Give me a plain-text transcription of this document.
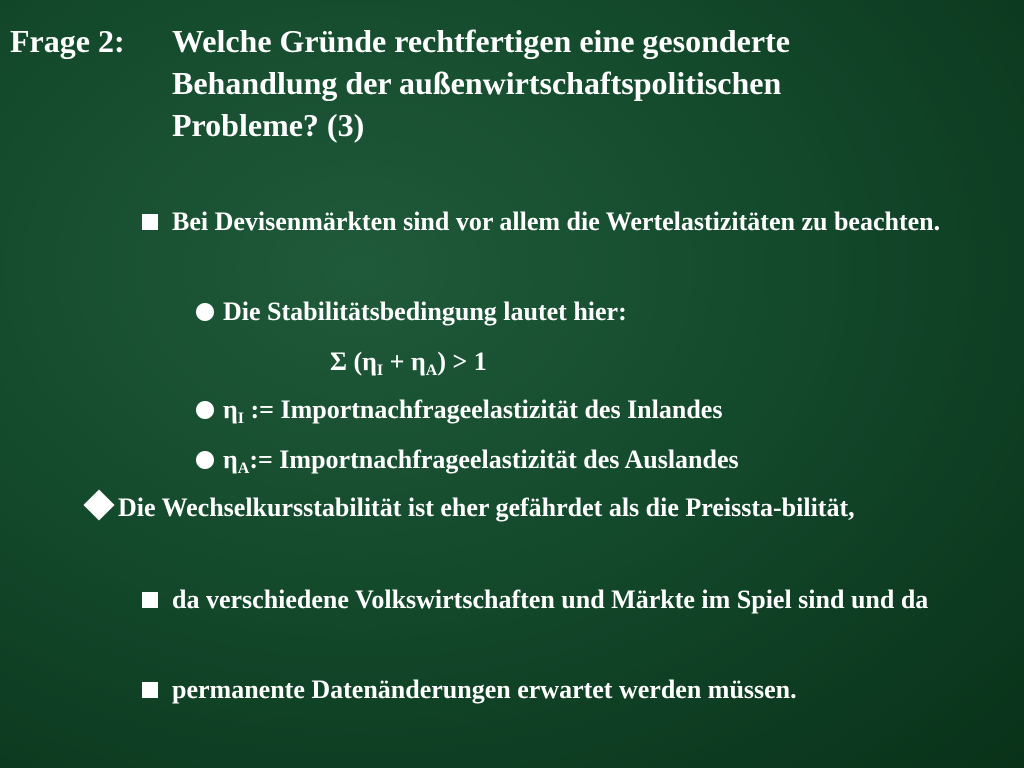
Frage 2:	Welche Gründe rechtfertigen eine gesonderte
Behandlung der außenwirtschaftspolitischen
Probleme? (3)
Bei Devisenmärkten sind vor allem die Wertelastizitäten zu beachten.
Die Stabilitätsbedingung lautet hier:
Σ $(\eta_I + \eta_A) > 1$
$\eta_I$ := Importnachfrageelastizität des Inlandes
$\eta_A:=$ Importnachfrageelastizität des Auslandes
Die Wechselkursstabilität ist eher gefährdet als die Preissta-bilität,
da verschiedene Volkswirtschaften und Märkte im Spiel sind und da
permanente Datenänderungen erwartet werden müssen.
